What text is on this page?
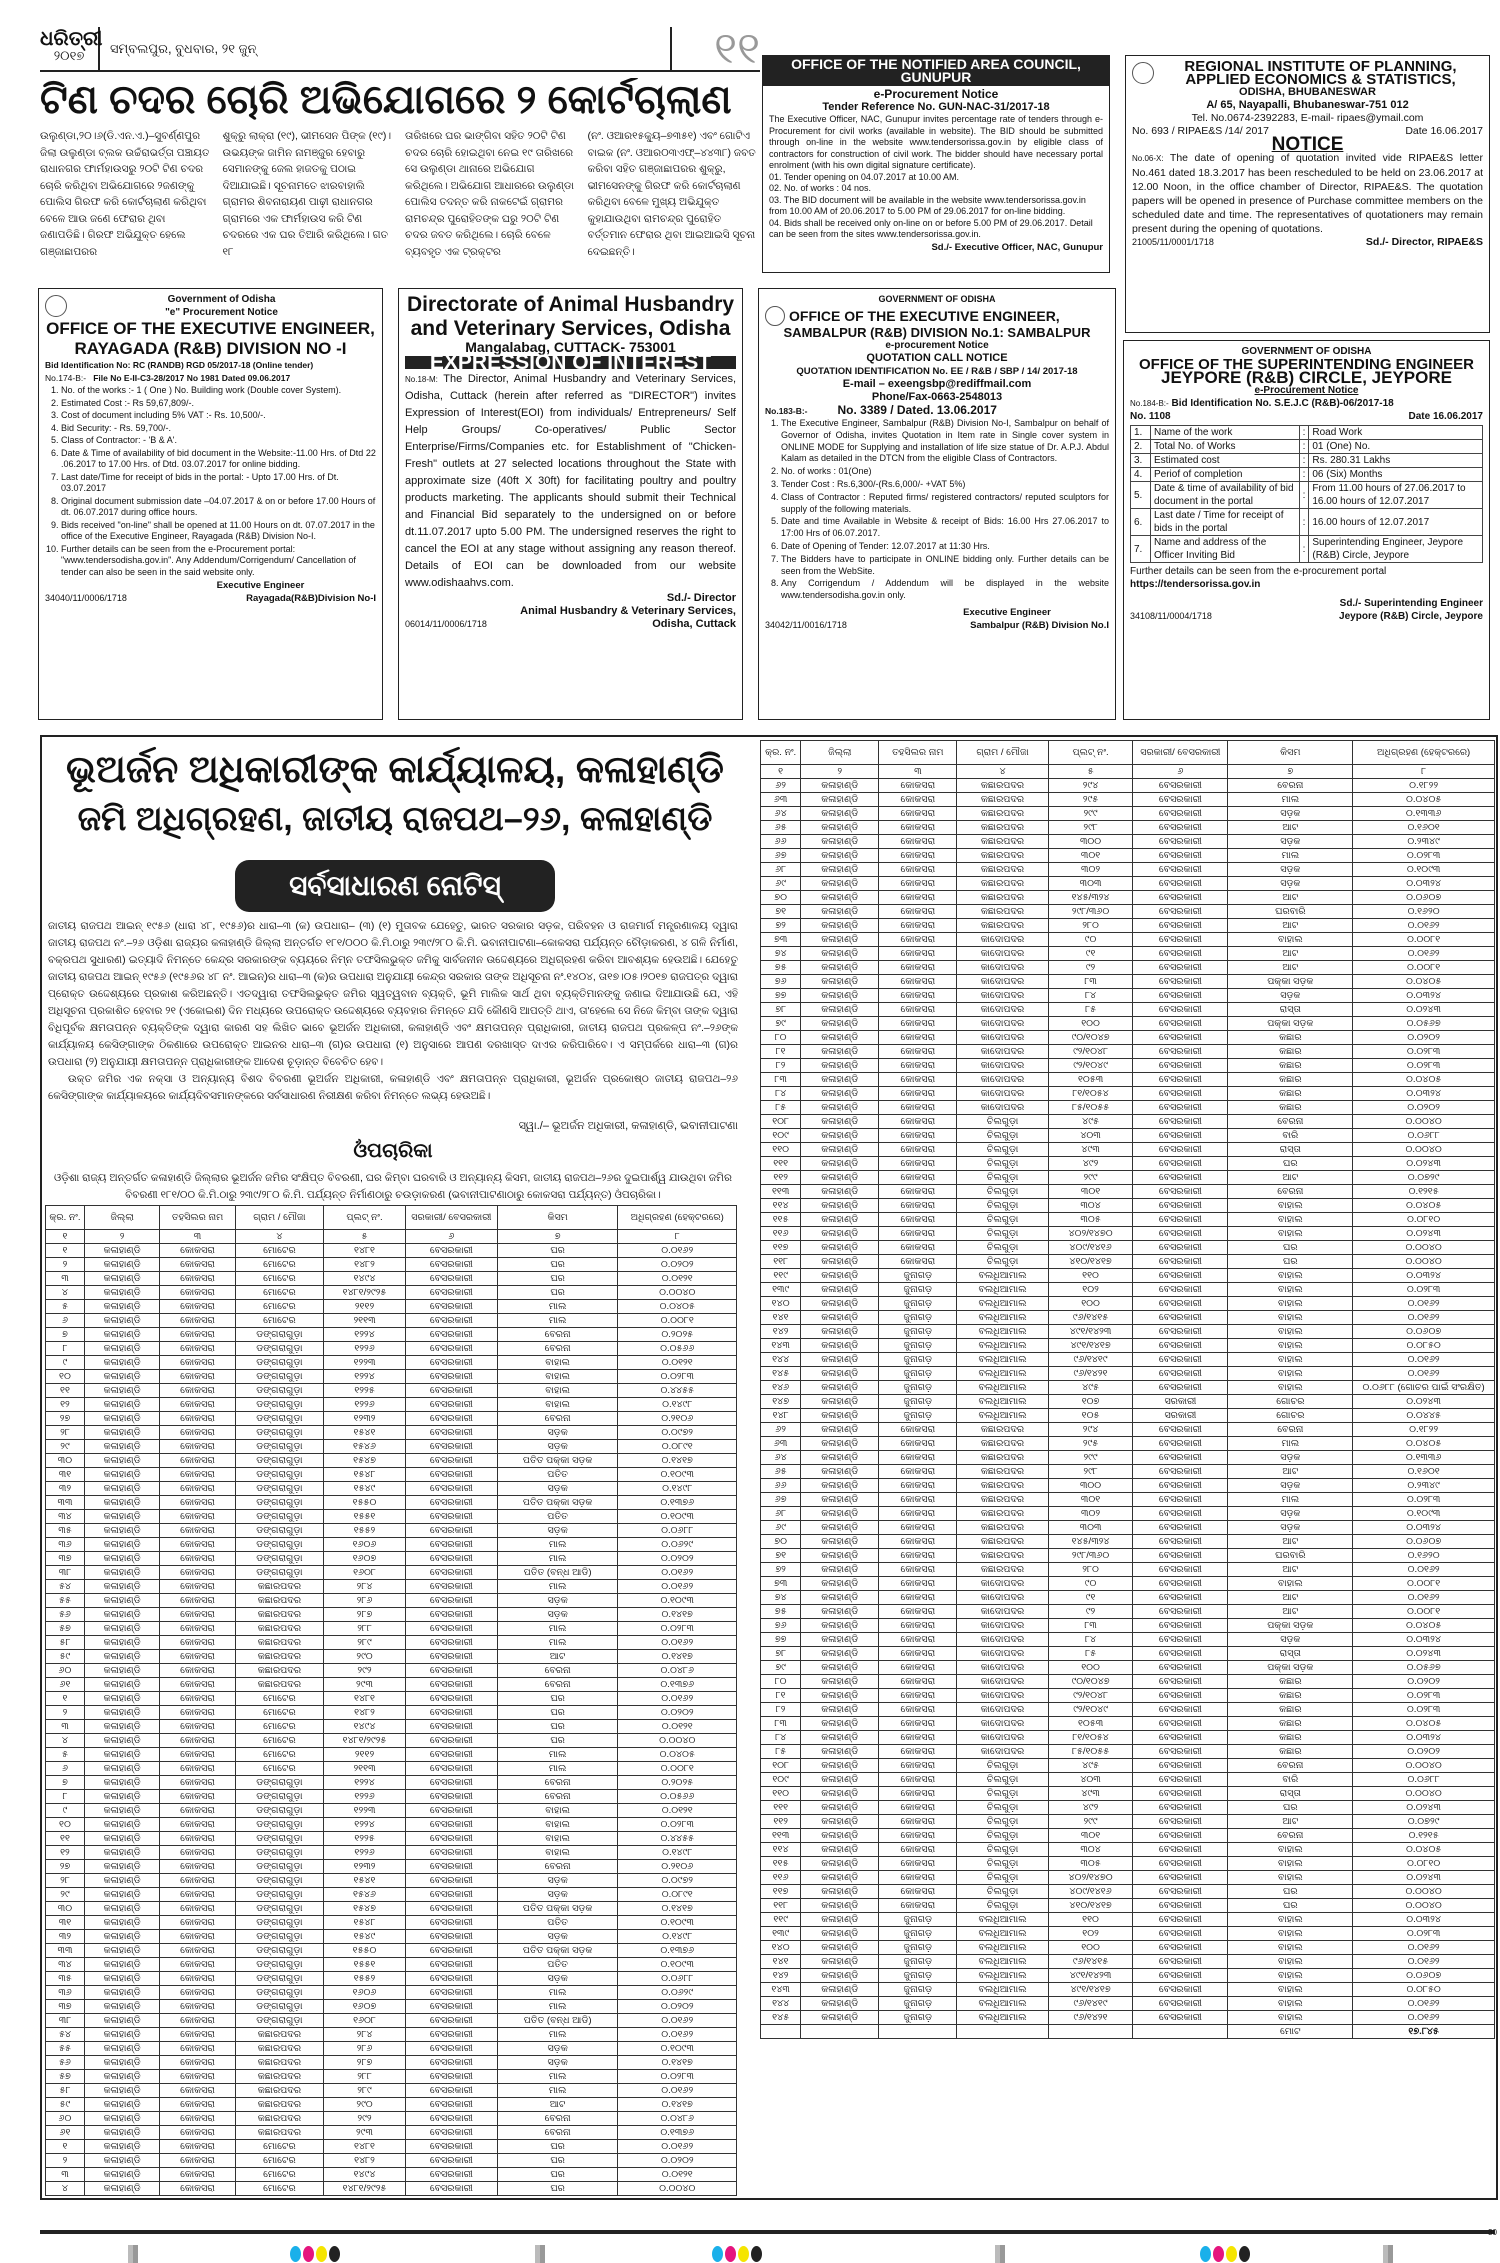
ଧରିତ୍ରୀ
୨୦୧୭	ସମ୍ବଲପୁର, ବୁଧବାର, ୨୧ ଜୁନ୍	୧୧
ଟିଣ ଚଦର ଚୋରି ଅଭିଯୋଗରେ ୨ କୋର୍ଟଚାଲାଣ

ଉଲୁଣ୍ଡା,୨୦।୬(ଡି.ଏନ.ଏ.)–ସୁବର୍ଣ୍ଣପୁର ଜିଲା ଉଲୁଣ୍ଡା ବ୍ଲକ ଉଚ୍ଚଁରାଭର୍ତ୍ତା ପଞ୍ଚାୟତ ରାଧାନଗର ଫାର୍ମହାଉସରୁ ୨୦ଟି ଟିଣ ଚଦର ଚୋରି କରିଥିବା ଅଭିଯୋଗରେ ୨ଜଣଙ୍କୁ ପୋଲିସ ଗିରଫ କରି କୋର୍ଟଚାଲାଣ କରିଥିବା ବେଳେ ଆଉ ଜଣେ ଫେରାର ଥିବା ଜଣାପଡିଛି। ଗିରଫ ଅଭିଯୁକ୍ତ ହେଲେ ଗଞ୍ଜାଛାପରର

ଶୁକ୍ରୁ ଲାକ୍ରା (୧୯), ଭୀମସେନ ପିଙ୍କ (୧୯)। ଉଭୟଙ୍କ ଜାମିନ ନାମଞ୍ଜୁର ହେବାରୁ ସେମାନଙ୍କୁ ଜେଲ ହାଜତକୁ ପଠାଇ ଦିଆଯାଇଛି। ସୂଚନାମତେ ଝାରବାହାଲି ଗ୍ରାମର ଶିବନାରାୟଣ ପାଢ଼ୀ ରାଧାନଗର ଗ୍ରାମରେ ଏକ ଫାର୍ମହାଉସ କରି ଟିଣ ଚଦରରେ ଏକ ଘର ତିଆରି କରିଥିଲେ। ଗତ ୧୮

ତାରିଖରେ ଘର ଭାଙ୍ଗିବା ସହିତ ୨୦ଟି ଟିଣ ଚଦର ଚୋରି ହୋଇଥିବା ନେଇ ୧୯ ତାରିଖରେ ସେ ଉଲୁଣ୍ଡା ଥାନାରେ ଅଭିଯୋଗ କରିଥିଲେ। ଅଭିଯୋଗ ଆଧାରରେ ଉଲୁଣ୍ଡା ପୋଲିସ ତଦନ୍ତ କରି ନାକଟେଇଁ ଗ୍ରାମର ରାମଚନ୍ଦ୍ର ପୁରୋହିତଙ୍କ ଘରୁ ୨୦ଟି ଟିଣ ଚଦର ଜବତ କରିଥିଲେ। ଚୋରି ବେଳେ ବ୍ୟବହୃତ ଏକ ଟ୍ରକ୍ଟର

(ନଂ. ଓଆର୧୫କ୍ୟୁ–୭୩୫୧) ଏବଂ ଗୋଟିଏ ବାଇକ (ନଂ. ଓଆର୦୩ଏଫ୍–୪୪୩୮) ଜବତ କରିବା ସହିତ ଗଞ୍ଜାଛାପରର ଶୁକ୍ରୁ, ଭୀମସେନଙ୍କୁ ଗିରଫ କରି କୋର୍ଟଚାଲାଣ କରିଥିବା ବେଳେ ମୁଖ୍ୟ ଅଭିଯୁକ୍ତ କୁହାଯାଉଥିବା ରାମଚନ୍ଦ୍ର ପୁରୋହିତ ବର୍ତ୍ତମାନ ଫେରାର ଥିବା ଆଇଆଇସି ସୂଚନା ଦେଇଛନ୍ତି।

OFFICE OF THE NOTIFIED AREA COUNCIL, GUNUPUR
e-Procurement Notice
Tender Reference No. GUN-NAC-31/2017-18
The Executive Officer, NAC, Gunupur invites percentage rate of tenders through e-Procurement for civil works (available in website). The BID should be submitted through on-line in the website www.tendersorissa.gov.in by eligible class of contractors for construction of civil work. The bidder should have necessary portal enrolment (with his own digital signature certificate).
01. Tender opening on 04.07.2017 at 10.00 AM.
02. No. of works : 04 nos.
03. The BID document will be available in the website www.tendersorissa.gov.in from 10.00 AM of 20.06.2017 to 5.00 PM of 29.06.2017 for on-line bidding.
04. Bids shall be received only on-line on or before 5.00 PM of 29.06.2017. Detail can be seen from the sites www.tendersorissa.gov.in.
Sd./- Executive Officer, NAC, Gunupur
REGIONAL INSTITUTE OF PLANNING,
APPLIED ECONOMICS & STATISTICS,
ODISHA, BHUBANESWAR
A/ 65, Nayapalli, Bhubaneswar-751 012
Tel. No.0674-2392283, E-mail- ripaes@ymail.com
No. 693 / RIPAE&S /14/ 2017	Date 16.06.2017
NOTICE
No.06-X: The date of opening of quotation invited vide RIPAE&S letter No.461 dated 18.3.2017 has been rescheduled to be held on 23.06.2017 at 12.00 Noon, in the office chamber of Director, RIPAE&S. The quotation papers will be opened in presence of Purchase committee members on the scheduled date and time. The representatives of quotationers may remain present during the opening of quotations.
21005/11/0001/1718	Sd./- Director, RIPAE&S
Government of Odisha
"e" Procurement Notice
OFFICE OF THE EXECUTIVE ENGINEER,
RAYAGADA (R&B) DIVISION NO -I
Bid Identification No: RC (RANDB) RGD 05/2017-18 (Online tender)
No.174-B:- File No E-II-C3-28/2017 No 1981 Dated 09.06.2017
1. No. of the works :- 1 ( One ) No. Building work (Double cover System).
2. Estimated Cost :- Rs 59,67,809/-.
3. Cost of document including 5% VAT :- Rs. 10,500/-.
4. Bid Security: - Rs. 59,700/-.
5. Class of Contractor: - 'B & A'.
6. Date & Time of availability of bid document in the Website:-11.00 Hrs. of Dtd 22 .06.2017 to 17.00 Hrs. of Dtd. 03.07.2017 for online bidding.
7. Last date/Time for receipt of bids in the portal: - Upto 17.00 Hrs. of Dt. 03.07.2017
8. Original document submission date –04.07.2017 & on or before 17.00 Hours of dt. 06.07.2017 during office hours.
9. Bids received "on-line" shall be opened at 11.00 Hours on dt. 07.07.2017 in the office of the Executive Engineer, Rayagada (R&B) Division No-I.
10. Further details can be seen from the e-Procurement portal: "www.tendersodisha.gov.in". Any Addendum/Corrigendum/ Cancellation of tender can also be seen in the said website only.
Executive Engineer
34040/11/0006/1718	Rayagada(R&B)Division No-I
Directorate of Animal Husbandry
and Veterinary Services, Odisha
Mangalabag, CUTTACK- 753001
EXPRESSION OF INTEREST
No.18-M: The Director, Animal Husbandry and Veterinary Services, Odisha, Cuttack (herein after referred as "DIRECTOR") invites Expression of Interest(EOI) from individuals/ Entrepreneurs/ Self Help Groups/ Co-operatives/ Public Sector Enterprise/Firms/Companies etc. for Establishment of "Chicken-Fresh" outlets at 27 selected locations throughout the State with approximate size (40ft X 30ft) for facilitating poultry and poultry products marketing. The applicants should submit their Technical and Financial Bid separately to the undersigned on or before dt.11.07.2017 upto 5.00 PM. The undersigned reserves the right to cancel the EOI at any stage without assigning any reason thereof. Details of EOI can be downloaded from our website www.odishaahvs.com.
Sd./- Director
Animal Husbandry & Veterinary Services,
06014/11/0006/1718	Odisha, Cuttack
GOVERNMENT OF ODISHA
OFFICE OF THE EXECUTIVE ENGINEER,
SAMBALPUR (R&B) DIVISION No.1: SAMBALPUR
e-procurement Notice
QUOTATION CALL NOTICE
QUOTATION IDENTIFICATION No. EE / R&B / SBP / 14/ 2017-18
E-mail – exeengsbp@rediffmail.com
Phone/Fax-0663-2548013
No.183-B:-	No. 3389 / Dated. 13.06.2017
1. The Executive Engineer, Sambalpur (R&B) Division No-I, Sambalpur on behalf of Governor of Odisha, invites Quotation in Item rate in Single cover system in ONLINE MODE for Supplying and installation of life size statue of Dr. A.P.J. Abdul Kalam as detailed in the DTCN from the eligible Class of Contractors.
2. No. of works : 01(One)
3. Tender Cost : Rs.6,300/-(Rs.6,000/- +VAT 5%)
4. Class of Contractor : Reputed firms/ registered contractors/ reputed sculptors for supply of the following materials.
5. Date and time Available in Website & receipt of Bids: 16.00 Hrs 27.06.2017 to 17:00 Hrs of 06.07.2017.
6. Date of Opening of Tender: 12.07.2017 at 11:30 Hrs.
7. The Bidders have to participate in ONLINE bidding only. Further details can be seen from the WebSite.
8. Any Corrigendum / Addendum will be displayed in the website www.tendersodisha.gov.in only.
Executive Engineer
34042/11/0016/1718	Sambalpur (R&B) Division No.I
GOVERNMENT OF ODISHA
OFFICE OF THE SUPERINTENDING ENGINEER
JEYPORE (R&B) CIRCLE, JEYPORE
e-Procurement Notice
No.184-B:- Bid Identification No. S.E.J.C (R&B)-06/2017-18
No. 1108	Date 16.06.2017
1.	Name of the work	:	Road Work
2.	Total No. of Works	:	01 (One) No.
3.	Estimated cost	:	Rs. 280.31 Lakhs
4.	Periof of completion	:	06 (Six) Months
5.	Date & time of availability of bid document in the portal	:	From 11.00 hours of 27.06.2017 to 16.00 hours of 12.07.2017
6.	Last date / Time for receipt of bids in the portal	:	16.00 hours of 12.07.2017
7.	Name and address of the Officer Inviting Bid	:	Superintending Engineer, Jeypore (R&B) Circle, Jeypore
Further details can be seen from the e-procurement portal
https://tendersorissa.gov.in
Sd./- Superintending Engineer
34108/11/0004/1718	Jeypore (R&B) Circle, Jeypore
ଭୂଅର୍ଜନ ଅଧିକାରୀଙ୍କ କାର୍ଯ୍ୟାଳୟ, କଳାହାଣ୍ଡି
ଜମି ଅଧିଗ୍ରହଣ, ଜାତୀୟ ରାଜପଥ–୨୬, କଳାହାଣ୍ଡି
ସର୍ବସାଧାରଣ ନୋଟିସ୍

ଜାତୀୟ ରାଜପଥ ଆଇନ୍ ୧୯୫୬ (ଧାରା ୪୮, ୧୯୫୬)ର ଧାରା–୩ (କ) ଉପଧାରା– (୩) (୧) ମୁତାବକ ଯେହେତୁ, ଭାରତ ସରକାର ସଡ଼କ, ପରିବହନ ଓ ରାଜମାର୍ଗ ମନ୍ତ୍ରଣାଳୟ ଦ୍ୱାରା ଜାତୀୟ ରାଜପଥ ନଂ.–୨୬ ଓଡ଼ିଶା ରାଜ୍ୟର କଳାହାଣ୍ଡି ଜିଲ୍ଲା ଅନ୍ତର୍ଗତ ୧୮୧/୦୦୦ କି.ମି.ଠାରୁ ୨୩୯/୨୮୦ କି.ମି. ଭବାନୀପାଟଣା–କୋକସରା ପର୍ଯ୍ୟନ୍ତ ଚୌଡ଼ାକରଣ, ୪ ଗଳି ନିର୍ମାଣ, ବକ୍ରପଥ ସୁଧାରଣ) ଇତ୍ୟାଦି ନିମନ୍ତେ କେନ୍ଦ୍ର ସରକାରଙ୍କ ବ୍ୟୟରେ ନିମ୍ନ ତଫସିଲଭୁକ୍ତ ଜମିକୁ ସାର୍ବଜନୀନ ଉଦ୍ଦେଶ୍ୟରେ ଅଧିଗ୍ରହଣ କରିବା ଆବଶ୍ୟକ ହେଉଅଛି। ଯେହେତୁ ଜାତୀୟ ରାଜପଥ ଆଇନ୍ ୧୯୫୬ (୧୯୫୬ର ୪୮ ନଂ. ଆଇନ୍)ର ଧାରା–୩ (କ)ର ଉପଧାରା ଅନୁଯାୟୀ କେନ୍ଦ୍ର ସରକାର ତାଙ୍କ ଅଧିସୂଚନା ନଂ.୧୪୦୪, ତା୧୭।୦୫।୨୦୧୭ ରାଜପତ୍ର ଦ୍ୱାରା ପ୍ରୋକ୍ତ ଉଦ୍ଦେଶ୍ୟରେ ପ୍ରକାଶ କରିଅଛନ୍ତି। ଏତଦ୍ୱାରା ତଫସିଲଭୁକ୍ତ ଜମିର ସ୍ୱତ୍ୱବାନ ବ୍ୟକ୍ତି, ଭୂମି ମାଲିକ ସାର୍ଥ ଥିବା ବ୍ୟକ୍ତିମାନଙ୍କୁ ଜଣାଇ ଦିଆଯାଉଛି ଯେ, ଏହି ଅଧିସୂଚନା ପ୍ରକାଶିତ ହେବାର ୨୧ (ଏକୋଇଶ) ଦିନ ମଧ୍ୟରେ ଉପରୋକ୍ତ ଉଦ୍ଦେଶ୍ୟରେ ବ୍ୟବହାର ନିମନ୍ତେ ଯଦି କୌଣସି ଆପତ୍ତି ଥାଏ, ତା'ହେଲେ ସେ ନିଜେ କିମ୍ବା ତାଙ୍କ ଦ୍ୱାରା ବିଧିପୂର୍ବକ କ୍ଷମତାପନ୍ନ ବ୍ୟକ୍ତିଙ୍କ ଦ୍ୱାରା କାରଣ ସହ ଲିଖିତ ଭାବେ ଭୂଅର୍ଜନ ଅଧିକାରୀ, କଳାହାଣ୍ଡି ଏବଂ କ୍ଷମତାପନ୍ନ ପ୍ରାଧିକାରୀ, ଜାତୀୟ ରାଜପଥ ପ୍ରକଳ୍ପ ନଂ.–୨୬ଙ୍କ କାର୍ଯ୍ୟାଳୟ କେସିଙ୍ଗାଙ୍କ ଠିକଣାରେ ଉପରୋକ୍ତ ଆଇନର ଧାରା–୩ (ଗ)ର ଉପଧାରା (୧) ଅନୁସାରେ ଆପଣ ଦରଖାସ୍ତ ଦାଏର କରିପାରିବେ। ଏ ସମ୍ପର୍କରେ ଧାରା–୩ (ଗ)ର ଉପଧାରା (୨) ଅନୁଯାୟୀ କ୍ଷମତାପନ୍ନ ପ୍ରାଧିକାରୀଙ୍କ ଆଦେଶ ଚୂଡ଼ାନ୍ତ ବିବେଚିତ ହେବ।

ଉକ୍ତ ଜମିର ଏକ ନକ୍ସା ଓ ଅନ୍ୟାନ୍ୟ ବିଶଦ ବିବରଣୀ ଭୂଅର୍ଜନ ଅଧିକାରୀ, କଳାହାଣ୍ଡି ଏବଂ କ୍ଷମତାପନ୍ନ ପ୍ରାଧିକାରୀ, ଭୂଅର୍ଜନ ପ୍ରକୋଷ୍ଠ ଜାତୀୟ ରାଜପଥ–୨୬ କେସିଙ୍ଗାଙ୍କ କାର୍ଯ୍ୟାଳୟରେ କାର୍ଯ୍ୟଦିବସମାନଙ୍କରେ ସର୍ବସାଧାରଣ ନିରୀକ୍ଷଣ କରିବା ନିମନ୍ତେ ଲଭ୍ୟ ହେଉଅଛି।

ସ୍ୱା./– ଭୂଅର୍ଜନ ଅଧିକାରୀ, କଳାହାଣ୍ଡି, ଭବାନୀପାଟଣା
ଓଁପଚାରିକା
ଓଡ଼ିଶା ରାଜ୍ୟ ଅନ୍ତର୍ଗତ କଳାହାଣ୍ଡି ଜିଲ୍ଲାର ଭୂଅର୍ଜନ ଜମିର ସଂକ୍ଷିପ୍ତ ବିବରଣୀ, ଘର କିମ୍ବା ଘରବାରି ଓ ଅନ୍ୟାନ୍ୟ କିସମ, ଜାତୀୟ ରାଜପଥ–୨୬ର ଦୁଇପାର୍ଶ୍ୱ ଯାଉଥିବା ଜମିର ବିବରଣୀ ୧୮୧/୦୦ କି.ମି.ଠାରୁ ୨୩୯/୨୮୦ କି.ମି. ପର୍ଯ୍ୟନ୍ତ ନିର୍ମାଣଠାରୁ ଚଉଡ଼ାକରଣ (ଭବାନୀପାଟଣାଠାରୁ କୋକସରା ପର୍ଯ୍ୟନ୍ତ) ଓଁପଚାରିକା।
କ୍ର. ନଂ.	ଜିଲ୍ଲା	ତହସିଲର ନାମ	ଗ୍ରାମ / ମୌଜା	ପ୍ଲଟ୍ ନଂ.	ସରକାରୀ/ ବେସରକାରୀ	କିସମ	ଅଧିଗ୍ରହଣ (ହେକ୍ଟରରେ)
୧	୨	୩	୪	୫	୬	୭	୮
୧	କଳାହାଣ୍ଡି	କୋକସରା	ମୋଟେର	୧୪୮୧	ବେସରକାରୀ	ଘର	୦.୦୧୬୨
୨	କଳାହାଣ୍ଡି	କୋକସରା	ମୋଟେର	୧୪୮୨	ବେସରକାରୀ	ଘର	୦.୦୨୦୨
୩	କଳାହାଣ୍ଡି	କୋକସରା	ମୋଟେର	୧୪୯୪	ବେସରକାରୀ	ଘର	୦.୦୧୨୧
୪	କଳାହାଣ୍ଡି	କୋକସରା	ମୋଟେର	୧୪୮୧/୨୯୨୫	ବେସରକାରୀ	ଘର	୦.୦୦୪୦
୫	କଳାହାଣ୍ଡି	କୋକସରା	ମୋଟେର	୨୧୧୨	ବେସରକାରୀ	ମାଲ	୦.୦୪୦୫
୬	କଳାହାଣ୍ଡି	କୋକସରା	ମୋଟେର	୨୧୧୩	ବେସରକାରୀ	ମାଲ	୦.୦୦୮୧
୭	କଳାହାଣ୍ଡି	କୋକସରା	ଡଙ୍ଗରାଗୁଡ଼ା	୧୨୨୪	ବେସରକାରୀ	ବେରନା	୦.୨୦୨୫
୮	କଳାହାଣ୍ଡି	କୋକସରା	ଡଙ୍ଗରାଗୁଡ଼ା	୧୨୨୬	ବେସରକାରୀ	ବେରନା	୦.୦୫୬୬
୯	କଳାହାଣ୍ଡି	କୋକସରା	ଡଙ୍ଗରାଗୁଡ଼ା	୧୨୨୩	ବେସରକାରୀ	ବାହାଲ	୦.୦୧୨୧
୧୦	କଳାହାଣ୍ଡି	କୋକସରା	ଡଙ୍ଗରାଗୁଡ଼ା	୧୨୨୪	ବେସରକାରୀ	ବାହାଲ	୦.୦୨୮୩
୧୧	କଳାହାଣ୍ଡି	କୋକସରା	ଡଙ୍ଗରାଗୁଡ଼ା	୧୨୨୫	ବେସରକାରୀ	ବାହାଲ	୦.୪୪୫୫
୧୨	କଳାହାଣ୍ଡି	କୋକସରା	ଡଙ୍ଗରାଗୁଡ଼ା	୧୨୨୬	ବେସରକାରୀ	ବାହାଲ	୦.୧୪୯୮
୨୭	କଳାହାଣ୍ଡି	କୋକସରା	ଡଙ୍ଗରାଗୁଡ଼ା	୧୨୩୨	ବେସରକାରୀ	ବେରନା	୦.୨୧୦୬
୨୮	କଳାହାଣ୍ଡି	କୋକସରା	ଡଙ୍ଗରାଗୁଡ଼ା	୧୫୪୧	ବେସରକାରୀ	ସଡ଼କ	୦.୦୯୭୨
୨୯	କଳାହାଣ୍ଡି	କୋକସରା	ଡଙ୍ଗରାଗୁଡ଼ା	୧୫୪୬	ବେସରକାରୀ	ସଡ଼କ	୦.୦୮୯୧
୩୦	କଳାହାଣ୍ଡି	କୋକସରା	ଡଙ୍ଗରାଗୁଡ଼ା	୧୫୪୭	ବେସରକାରୀ	ପତିତ ପକ୍କା ସଡ଼କ	୦.୧୪୧୭
୩୧	କଳାହାଣ୍ଡି	କୋକସରା	ଡଙ୍ଗରାଗୁଡ଼ା	୧୫୪୮	ବେସରକାରୀ	ପତିତ	୦.୧୦୯୩
୩୨	କଳାହାଣ୍ଡି	କୋକସରା	ଡଙ୍ଗରାଗୁଡ଼ା	୧୫୪୯	ବେସରକାରୀ	ସଡ଼କ	୦.୧୪୯୮
୩୩	କଳାହାଣ୍ଡି	କୋକସରା	ଡଙ୍ଗରାଗୁଡ଼ା	୧୫୫୦	ବେସରକାରୀ	ପତିତ ପକ୍କା ସଡ଼କ	୦.୧୩୭୬
୩୪	କଳାହାଣ୍ଡି	କୋକସରା	ଡଙ୍ଗରାଗୁଡ଼ା	୧୫୫୧	ବେସରକାରୀ	ପତିତ	୦.୧୦୯୩
୩୫	କଳାହାଣ୍ଡି	କୋକସରା	ଡଙ୍ଗରାଗୁଡ଼ା	୧୫୫୨	ବେସରକାରୀ	ସଡ଼କ	୦.୦୬୮୮
୩୬	କଳାହାଣ୍ଡି	କୋକସରା	ଡଙ୍ଗରାଗୁଡ଼ା	୧୬୦୬	ବେସରକାରୀ	ମାଲ	୦.୦୬୨୯
୩୭	କଳାହାଣ୍ଡି	କୋକସରା	ଡଙ୍ଗରାଗୁଡ଼ା	୧୬୦୭	ବେସରକାରୀ	ମାଲ	୦.୦୨୦୨
୩୮	କଳାହାଣ୍ଡି	କୋକସରା	ଡଙ୍ଗରାଗୁଡ଼ା	୧୬୦୮	ବେସରକାରୀ	ପତିତ (ବନ୍ଧ ଆଡି)	୦.୦୧୬୨
୫୪	କଳାହାଣ୍ଡି	କୋକସରା	କଛାରପଦର	୨୮୪	ବେସରକାରୀ	ମାଲ	୦.୦୧୬୨
୫୫	କଳାହାଣ୍ଡି	କୋକସରା	କଛାରପଦର	୨୮୬	ବେସରକାରୀ	ସଡ଼କ	୦.୧୦୯୩
୫୬	କଳାହାଣ୍ଡି	କୋକସରା	କଛାରପଦର	୨୮୭	ବେସରକାରୀ	ସଡ଼କ	୦.୧୪୧୭
୫୭	କଳାହାଣ୍ଡି	କୋକସରା	କଛାରପଦର	୨୮୮	ବେସରକାରୀ	ମାଲ	୦.୦୨୮୩
୫୮	କଳାହାଣ୍ଡି	କୋକସରା	କଛାରପଦର	୨୮୯	ବେସରକାରୀ	ମାଲ	୦.୦୧୬୨
୫୯	କଳାହାଣ୍ଡି	କୋକସରା	କଛାରପଦର	୨୯୦	ବେସରକାରୀ	ଆଟ	୦.୧୪୧୭
୬୦	କଳାହାଣ୍ଡି	କୋକସରା	କଛାରପଦର	୨୯୨	ବେସରକାରୀ	ବେରନା	୦.୦୪୮୬
୬୧	କଳାହାଣ୍ଡି	କୋକସରା	କଛାରପଦର	୨୯୩	ବେସରକାରୀ	ବେରନା	୦.୧୩୭୬
୧	କଳାହାଣ୍ଡି	କୋକସରା	ମୋଟେର	୧୪୮୧	ବେସରକାରୀ	ଘର	୦.୦୧୬୨
୨	କଳାହାଣ୍ଡି	କୋକସରା	ମୋଟେର	୧୪୮୨	ବେସରକାରୀ	ଘର	୦.୦୨୦୨
୩	କଳାହାଣ୍ଡି	କୋକସରା	ମୋଟେର	୧୪୯୪	ବେସରକାରୀ	ଘର	୦.୦୧୨୧
୪	କଳାହାଣ୍ଡି	କୋକସରା	ମୋଟେର	୧୪୮୧/୨୯୨୫	ବେସରକାରୀ	ଘର	୦.୦୦୪୦
୫	କଳାହାଣ୍ଡି	କୋକସରା	ମୋଟେର	୨୧୧୨	ବେସରକାରୀ	ମାଲ	୦.୦୪୦୫
୬	କଳାହାଣ୍ଡି	କୋକସରା	ମୋଟେର	୨୧୧୩	ବେସରକାରୀ	ମାଲ	୦.୦୦୮୧
୭	କଳାହାଣ୍ଡି	କୋକସରା	ଡଙ୍ଗରାଗୁଡ଼ା	୧୨୨୪	ବେସରକାରୀ	ବେରନା	୦.୨୦୨୫
୮	କଳାହାଣ୍ଡି	କୋକସରା	ଡଙ୍ଗରାଗୁଡ଼ା	୧୨୨୬	ବେସରକାରୀ	ବେରନା	୦.୦୫୬୬
୯	କଳାହାଣ୍ଡି	କୋକସରା	ଡଙ୍ଗରାଗୁଡ଼ା	୧୨୨୩	ବେସରକାରୀ	ବାହାଲ	୦.୦୧୨୧
୧୦	କଳାହାଣ୍ଡି	କୋକସରା	ଡଙ୍ଗରାଗୁଡ଼ା	୧୨୨୪	ବେସରକାରୀ	ବାହାଲ	୦.୦୨୮୩
୧୧	କଳାହାଣ୍ଡି	କୋକସରା	ଡଙ୍ଗରାଗୁଡ଼ା	୧୨୨୫	ବେସରକାରୀ	ବାହାଲ	୦.୪୪୫୫
୧୨	କଳାହାଣ୍ଡି	କୋକସରା	ଡଙ୍ଗରାଗୁଡ଼ା	୧୨୨୬	ବେସରକାରୀ	ବାହାଲ	୦.୧୪୯୮
୨୭	କଳାହାଣ୍ଡି	କୋକସରା	ଡଙ୍ଗରାଗୁଡ଼ା	୧୨୩୨	ବେସରକାରୀ	ବେରନା	୦.୨୧୦୬
୨୮	କଳାହାଣ୍ଡି	କୋକସରା	ଡଙ୍ଗରାଗୁଡ଼ା	୧୫୪୧	ବେସରକାରୀ	ସଡ଼କ	୦.୦୯୭୨
୨୯	କଳାହାଣ୍ଡି	କୋକସରା	ଡଙ୍ଗରାଗୁଡ଼ା	୧୫୪୬	ବେସରକାରୀ	ସଡ଼କ	୦.୦୮୯୧
୩୦	କଳାହାଣ୍ଡି	କୋକସରା	ଡଙ୍ଗରାଗୁଡ଼ା	୧୫୪୭	ବେସରକାରୀ	ପତିତ ପକ୍କା ସଡ଼କ	୦.୧୪୧୭
୩୧	କଳାହାଣ୍ଡି	କୋକସରା	ଡଙ୍ଗରାଗୁଡ଼ା	୧୫୪୮	ବେସରକାରୀ	ପତିତ	୦.୧୦୯୩
୩୨	କଳାହାଣ୍ଡି	କୋକସରା	ଡଙ୍ଗରାଗୁଡ଼ା	୧୫୪୯	ବେସରକାରୀ	ସଡ଼କ	୦.୧୪୯୮
୩୩	କଳାହାଣ୍ଡି	କୋକସରା	ଡଙ୍ଗରାଗୁଡ଼ା	୧୫୫୦	ବେସରକାରୀ	ପତିତ ପକ୍କା ସଡ଼କ	୦.୧୩୭୬
୩୪	କଳାହାଣ୍ଡି	କୋକସରା	ଡଙ୍ଗରାଗୁଡ଼ା	୧୫୫୧	ବେସରକାରୀ	ପତିତ	୦.୧୦୯୩
୩୫	କଳାହାଣ୍ଡି	କୋକସରା	ଡଙ୍ଗରାଗୁଡ଼ା	୧୫୫୨	ବେସରକାରୀ	ସଡ଼କ	୦.୦୬୮୮
୩୬	କଳାହାଣ୍ଡି	କୋକସରା	ଡଙ୍ଗରାଗୁଡ଼ା	୧୬୦୬	ବେସରକାରୀ	ମାଲ	୦.୦୬୨୯
୩୭	କଳାହାଣ୍ଡି	କୋକସରା	ଡଙ୍ଗରାଗୁଡ଼ା	୧୬୦୭	ବେସରକାରୀ	ମାଲ	୦.୦୨୦୨
୩୮	କଳାହାଣ୍ଡି	କୋକସରା	ଡଙ୍ଗରାଗୁଡ଼ା	୧୬୦୮	ବେସରକାରୀ	ପତିତ (ବନ୍ଧ ଆଡି)	୦.୦୧୬୨
୫୪	କଳାହାଣ୍ଡି	କୋକସରା	କଛାରପଦର	୨୮୪	ବେସରକାରୀ	ମାଲ	୦.୦୧୬୨
୫୫	କଳାହାଣ୍ଡି	କୋକସରା	କଛାରପଦର	୨୮୬	ବେସରକାରୀ	ସଡ଼କ	୦.୧୦୯୩
୫୬	କଳାହାଣ୍ଡି	କୋକସରା	କଛାରପଦର	୨୮୭	ବେସରକାରୀ	ସଡ଼କ	୦.୧୪୧୭
୫୭	କଳାହାଣ୍ଡି	କୋକସରା	କଛାରପଦର	୨୮୮	ବେସରକାରୀ	ମାଲ	୦.୦୨୮୩
୫୮	କଳାହାଣ୍ଡି	କୋକସରା	କଛାରପଦର	୨୮୯	ବେସରକାରୀ	ମାଲ	୦.୦୧୬୨
୫୯	କଳାହାଣ୍ଡି	କୋକସରା	କଛାରପଦର	୨୯୦	ବେସରକାରୀ	ଆଟ	୦.୧୪୧୭
୬୦	କଳାହାଣ୍ଡି	କୋକସରା	କଛାରପଦର	୨୯୨	ବେସରକାରୀ	ବେରନା	୦.୦୪୮୬
୬୧	କଳାହାଣ୍ଡି	କୋକସରା	କଛାରପଦର	୨୯୩	ବେସରକାରୀ	ବେରନା	୦.୧୩୭୬
୧	କଳାହାଣ୍ଡି	କୋକସରା	ମୋଟେର	୧୪୮୧	ବେସରକାରୀ	ଘର	୦.୦୧୬୨
୨	କଳାହାଣ୍ଡି	କୋକସରା	ମୋଟେର	୧୪୮୨	ବେସରକାରୀ	ଘର	୦.୦୨୦୨
୩	କଳାହାଣ୍ଡି	କୋକସରା	ମୋଟେର	୧୪୯୪	ବେସରକାରୀ	ଘର	୦.୦୧୨୧
୪	କଳାହାଣ୍ଡି	କୋକସରା	ମୋଟେର	୧୪୮୧/୨୯୨୫	ବେସରକାରୀ	ଘର	୦.୦୦୪୦
କ୍ର. ନଂ.	ଜିଲ୍ଲା	ତହସିଲର ନାମ	ଗ୍ରାମ / ମୌଜା	ପ୍ଲଟ୍ ନଂ.	ସରକାରୀ/ ବେସରକାରୀ	କିସମ	ଅଧିଗ୍ରହଣ (ହେକ୍ଟରରେ)
୧	୨	୩	୪	୫	୬	୭	୮
୬୨	କଳାହାଣ୍ଡି	କୋକସରା	କଛାରପଦର	୨୯୪	ବେସରକାରୀ	ବେରନା	୦.୧୮୨୨
୬୩	କଳାହାଣ୍ଡି	କୋକସରା	କଛାରପଦର	୨୯୫	ବେସରକାରୀ	ମାଲ	୦.୦୪୦୫
୬୪	କଳାହାଣ୍ଡି	କୋକସରା	କଛାରପଦର	୨୯୯	ବେସରକାରୀ	ସଡ଼କ	୦.୧୩୩୬
୬୫	କଳାହାଣ୍ଡି	କୋକସରା	କଛାରପଦର	୨୯୮	ବେସରକାରୀ	ଆଟ	୦.୧୬୦୧
୬୬	କଳାହାଣ୍ଡି	କୋକସରା	କଛାରପଦର	୩୦୦	ବେସରକାରୀ	ସଡ଼କ	୦.୨୩୪୯
୬୭	କଳାହାଣ୍ଡି	କୋକସରା	କଛାରପଦର	୩୦୧	ବେସରକାରୀ	ମାଲ	୦.୦୨୮୩
୬୮	କଳାହାଣ୍ଡି	କୋକସରା	କଛାରପଦର	୩୦୨	ବେସରକାରୀ	ସଡ଼କ	୦.୧୦୯୩
୬୯	କଳାହାଣ୍ଡି	କୋକସରା	କଛାରପଦର	୩୦୩	ବେସରକାରୀ	ସଡ଼କ	୦.୦୩୨୪
୭୦	କଳାହାଣ୍ଡି	କୋକସରା	କଛାରପଦର	୧୪୫/୩୨୪	ବେସରକାରୀ	ଆଟ	୦.୦୬୦୭
୭୧	କଳାହାଣ୍ଡି	କୋକସରା	କଛାରପଦର	୨୯୮/୩୬୦	ବେସରକାରୀ	ଘରବାରି	୦.୧୬୨୦
୭୨	କଳାହାଣ୍ଡି	କୋକସରା	କଛାରପଦର	୨୮୦	ବେସରକାରୀ	ଆଟ	୦.୦୧୬୨
୭୩	କଳାହାଣ୍ଡି	କୋକସରା	କାଦୋପଦର	୯୦	ବେସରକାରୀ	ବାହାଲ	୦.୦୦୮୧
୭୪	କଳାହାଣ୍ଡି	କୋକସରା	କାଦୋପଦର	୯୧	ବେସରକାରୀ	ଆଟ	୦.୦୧୬୨
୭୫	କଳାହାଣ୍ଡି	କୋକସରା	କାଦୋପଦର	୯୨	ବେସରକାରୀ	ଆଟ	୦.୦୦୮୧
୭୬	କଳାହାଣ୍ଡି	କୋକସରା	କାଦୋପଦର	୮୩	ବେସରକାରୀ	ପକ୍କା ସଡ଼କ	୦.୦୪୦୫
୭୭	କଳାହାଣ୍ଡି	କୋକସରା	କାଦୋପଦର	୮୪	ବେସରକାରୀ	ସଡ଼କ	୦.୦୩୨୪
୭୮	କଳାହାଣ୍ଡି	କୋକସରା	କାଦୋପଦର	୮୫	ବେସରକାରୀ	ରାସ୍ତା	୦.୦୨୪୩
୭୯	କଳାହାଣ୍ଡି	କୋକସରା	କାଦୋପଦର	୧୦୦	ବେସରକାରୀ	ପକ୍କା ସଡ଼କ	୦.୦୫୬୭
୮୦	କଳାହାଣ୍ଡି	କୋକସରା	କାଦୋପଦର	୯୦/୧୦୪୭	ବେସରକାରୀ	କଛାର	୦.୦୨୦୨
୮୧	କଳାହାଣ୍ଡି	କୋକସରା	କାଦୋପଦର	୯୨/୧୦୪୮	ବେସରକାରୀ	କଛାର	୦.୦୨୮୩
୮୨	କଳାହାଣ୍ଡି	କୋକସରା	କାଦୋପଦର	୯୨/୧୦୪୯	ବେସରକାରୀ	କଛାର	୦.୦୨୮୩
୮୩	କଳାହାଣ୍ଡି	କୋକସରା	କାଦୋପଦର	୧୦୫୩	ବେସରକାରୀ	କଛାର	୦.୦୪୦୫
୮୪	କଳାହାଣ୍ଡି	କୋକସରା	କାଦୋପଦର	୮୧/୧୦୫୪	ବେସରକାରୀ	କଛାର	୦.୦୩୨୪
୮୫	କଳାହାଣ୍ଡି	କୋକସରା	କାଦୋପଦର	୮୫/୧୦୫୫	ବେସରକାରୀ	କଛାର	୦.୦୨୦୨
୧୦୮	କଳାହାଣ୍ଡି	କୋକସରା	ଚିଲଗୁଡ଼ା	୪୯୫	ବେସରକାରୀ	ବେରନା	୦.୦୦୪୦
୧୦୯	କଳାହାଣ୍ଡି	କୋକସରା	ଚିଲଗୁଡ଼ା	୪୦୩	ବେସରକାରୀ	ବାରି	୦.୦୬୮୮
୧୧୦	କଳାହାଣ୍ଡି	କୋକସରା	ଚିଲଗୁଡ଼ା	୪୯୩	ବେସରକାରୀ	ରାସ୍ତା	୦.୦୦୪୦
୧୧୧	କଳାହାଣ୍ଡି	କୋକସରା	ଚିଲଗୁଡ଼ା	୪୯୨	ବେସରକାରୀ	ଘର	୦.୦୨୪୩
୧୧୨	କଳାହାଣ୍ଡି	କୋକସରା	ଚିଲଗୁଡ଼ା	୨୯୯	ବେସରକାରୀ	ଆଟ	୦.୦୭୨୯
୧୧୩	କଳାହାଣ୍ଡି	କୋକସରା	ଚିଲଗୁଡ଼ା	୩୦୧	ବେସରକାରୀ	ବେରନା	୦.୧୨୧୫
୧୧୪	କଳାହାଣ୍ଡି	କୋକସରା	ଚିଲଗୁଡ଼ା	୩୦୪	ବେସରକାରୀ	ବାହାଲ	୦.୦୪୦୫
୧୧୫	କଳାହାଣ୍ଡି	କୋକସରା	ଚିଲଗୁଡ଼ା	୩୦୫	ବେସରକାରୀ	ବାହାଲ	୦.୦୮୧୦
୧୧୬	କଳାହାଣ୍ଡି	କୋକସରା	ଚିଲଗୁଡ଼ା	୪୦୨/୧୪୭୦	ବେସରକାରୀ	ବାହାଲ	୦.୦୨୪୩
୧୧୭	କଳାହାଣ୍ଡି	କୋକସରା	ଚିଲଗୁଡ଼ା	୪୦୯/୧୪୧୬	ବେସରକାରୀ	ଘର	୦.୦୦୪୦
୧୧୮	କଳାହାଣ୍ଡି	କୋକସରା	ଚିଲଗୁଡ଼ା	୪୧୦/୧୪୧୭	ବେସରକାରୀ	ଘର	୦.୦୦୪୦
୧୧୯	କଳାହାଣ୍ଡି	ଜୁନାଗଡ଼	ବଲଧିଆମାଲ	୧୧୦	ବେସରକାରୀ	ବାହାଲ	୦.୦୩୨୪
୧୩୯	କଳାହାଣ୍ଡି	ଜୁନାଗଡ଼	ବଲଧିଆମାଲ	୧୦୨	ବେସରକାରୀ	ବାହାଲ	୦.୦୨୮୩
୧୪୦	କଳାହାଣ୍ଡି	ଜୁନାଗଡ଼	ବଲଧିଆମାଲ	୧୦୦	ବେସରକାରୀ	ବାହାଲ	୦.୦୧୬୨
୧୪୧	କଳାହାଣ୍ଡି	ଜୁନାଗଡ଼	ବଲଧିଆମାଲ	୯୬/୧୪୧୫	ବେସରକାରୀ	ବାହାଲ	୦.୦୧୬୨
୧୪୨	କଳାହାଣ୍ଡି	ଜୁନାଗଡ଼	ବଲଧିଆମାଲ	୪୯୧/୧୪୨୩	ବେସରକାରୀ	ବାହାଲ	୦.୦୬୦୭
୧୪୩	କଳାହାଣ୍ଡି	ଜୁନାଗଡ଼	ବଲଧିଆମାଲ	୪୯୧/୧୪୧୭	ବେସରକାରୀ	ବାହାଲ	୦.୦୮୫୦
୧୪୪	କଳାହାଣ୍ଡି	ଜୁନାଗଡ଼	ବଲଧିଆମାଲ	୯୬/୧୪୧୯	ବେସରକାରୀ	ବାହାଲ	୦.୦୧୬୨
୧୪୫	କଳାହାଣ୍ଡି	ଜୁନାଗଡ଼	ବଲଧିଆମାଲ	୯୬/୧୪୨୧	ବେସରକାରୀ	ବାହାଲ	୦.୦୧୬୨
୧୪୬	କଳାହାଣ୍ଡି	ଜୁନାଗଡ଼	ବଲଧିଆମାଲ	୪୯୫	ବେସରକାରୀ	ବାହାଲ	୦.୦୬୮୮ (ଗୋଚର ପାଇଁ ସଂରକ୍ଷିତ)
୧୪୭	କଳାହାଣ୍ଡି	ଜୁନାଗଡ଼	ବଲଧିଆମାଲ	୧୦୭	ସରକାରୀ	ଗୋଚର	୦.୦୨୪୩
୧୪୮	କଳାହାଣ୍ଡି	ଜୁନାଗଡ଼	ବଲଧିଆମାଲ	୧୦୫	ସରକାରୀ	ଗୋଚର	୦.୦୪୪୫
୬୨	କଳାହାଣ୍ଡି	କୋକସରା	କଛାରପଦର	୨୯୪	ବେସରକାରୀ	ବେରନା	୦.୧୮୨୨
୬୩	କଳାହାଣ୍ଡି	କୋକସରା	କଛାରପଦର	୨୯୫	ବେସରକାରୀ	ମାଲ	୦.୦୪୦୫
୬୪	କଳାହାଣ୍ଡି	କୋକସରା	କଛାରପଦର	୨୯୯	ବେସରକାରୀ	ସଡ଼କ	୦.୧୩୩୬
୬୫	କଳାହାଣ୍ଡି	କୋକସରା	କଛାରପଦର	୨୯୮	ବେସରକାରୀ	ଆଟ	୦.୧୬୦୧
୬୬	କଳାହାଣ୍ଡି	କୋକସରା	କଛାରପଦର	୩୦୦	ବେସରକାରୀ	ସଡ଼କ	୦.୨୩୪୯
୬୭	କଳାହାଣ୍ଡି	କୋକସରା	କଛାରପଦର	୩୦୧	ବେସରକାରୀ	ମାଲ	୦.୦୨୮୩
୬୮	କଳାହାଣ୍ଡି	କୋକସରା	କଛାରପଦର	୩୦୨	ବେସରକାରୀ	ସଡ଼କ	୦.୧୦୯୩
୬୯	କଳାହାଣ୍ଡି	କୋକସରା	କଛାରପଦର	୩୦୩	ବେସରକାରୀ	ସଡ଼କ	୦.୦୩୨୪
୭୦	କଳାହାଣ୍ଡି	କୋକସରା	କଛାରପଦର	୧୪୫/୩୨୪	ବେସରକାରୀ	ଆଟ	୦.୦୬୦୭
୭୧	କଳାହାଣ୍ଡି	କୋକସରା	କଛାରପଦର	୨୯୮/୩୬୦	ବେସରକାରୀ	ଘରବାରି	୦.୧୬୨୦
୭୨	କଳାହାଣ୍ଡି	କୋକସରା	କଛାରପଦର	୨୮୦	ବେସରକାରୀ	ଆଟ	୦.୦୧୬୨
୭୩	କଳାହାଣ୍ଡି	କୋକସରା	କାଦୋପଦର	୯୦	ବେସରକାରୀ	ବାହାଲ	୦.୦୦୮୧
୭୪	କଳାହାଣ୍ଡି	କୋକସରା	କାଦୋପଦର	୯୧	ବେସରକାରୀ	ଆଟ	୦.୦୧୬୨
୭୫	କଳାହାଣ୍ଡି	କୋକସରା	କାଦୋପଦର	୯୨	ବେସରକାରୀ	ଆଟ	୦.୦୦୮୧
୭୬	କଳାହାଣ୍ଡି	କୋକସରା	କାଦୋପଦର	୮୩	ବେସରକାରୀ	ପକ୍କା ସଡ଼କ	୦.୦୪୦୫
୭୭	କଳାହାଣ୍ଡି	କୋକସରା	କାଦୋପଦର	୮୪	ବେସରକାରୀ	ସଡ଼କ	୦.୦୩୨୪
୭୮	କଳାହାଣ୍ଡି	କୋକସରା	କାଦୋପଦର	୮୫	ବେସରକାରୀ	ରାସ୍ତା	୦.୦୨୪୩
୭୯	କଳାହାଣ୍ଡି	କୋକସରା	କାଦୋପଦର	୧୦୦	ବେସରକାରୀ	ପକ୍କା ସଡ଼କ	୦.୦୫୬୭
୮୦	କଳାହାଣ୍ଡି	କୋକସରା	କାଦୋପଦର	୯୦/୧୦୪୭	ବେସରକାରୀ	କଛାର	୦.୦୨୦୨
୮୧	କଳାହାଣ୍ଡି	କୋକସରା	କାଦୋପଦର	୯୨/୧୦୪୮	ବେସରକାରୀ	କଛାର	୦.୦୨୮୩
୮୨	କଳାହାଣ୍ଡି	କୋକସରା	କାଦୋପଦର	୯୨/୧୦୪୯	ବେସରକାରୀ	କଛାର	୦.୦୨୮୩
୮୩	କଳାହାଣ୍ଡି	କୋକସରା	କାଦୋପଦର	୧୦୫୩	ବେସରକାରୀ	କଛାର	୦.୦୪୦୫
୮୪	କଳାହାଣ୍ଡି	କୋକସରା	କାଦୋପଦର	୮୧/୧୦୫୪	ବେସରକାରୀ	କଛାର	୦.୦୩୨୪
୮୫	କଳାହାଣ୍ଡି	କୋକସରା	କାଦୋପଦର	୮୫/୧୦୫୫	ବେସରକାରୀ	କଛାର	୦.୦୨୦୨
୧୦୮	କଳାହାଣ୍ଡି	କୋକସରା	ଚିଲଗୁଡ଼ା	୪୯୫	ବେସରକାରୀ	ବେରନା	୦.୦୦୪୦
୧୦୯	କଳାହାଣ୍ଡି	କୋକସରା	ଚିଲଗୁଡ଼ା	୪୦୩	ବେସରକାରୀ	ବାରି	୦.୦୬୮୮
୧୧୦	କଳାହାଣ୍ଡି	କୋକସରା	ଚିଲଗୁଡ଼ା	୪୯୩	ବେସରକାରୀ	ରାସ୍ତା	୦.୦୦୪୦
୧୧୧	କଳାହାଣ୍ଡି	କୋକସରା	ଚିଲଗୁଡ଼ା	୪୯୨	ବେସରକାରୀ	ଘର	୦.୦୨୪୩
୧୧୨	କଳାହାଣ୍ଡି	କୋକସରା	ଚିଲଗୁଡ଼ା	୨୯୯	ବେସରକାରୀ	ଆଟ	୦.୦୭୨୯
୧୧୩	କଳାହାଣ୍ଡି	କୋକସରା	ଚିଲଗୁଡ଼ା	୩୦୧	ବେସରକାରୀ	ବେରନା	୦.୧୨୧୫
୧୧୪	କଳାହାଣ୍ଡି	କୋକସରା	ଚିଲଗୁଡ଼ା	୩୦୪	ବେସରକାରୀ	ବାହାଲ	୦.୦୪୦୫
୧୧୫	କଳାହାଣ୍ଡି	କୋକସରା	ଚିଲଗୁଡ଼ା	୩୦୫	ବେସରକାରୀ	ବାହାଲ	୦.୦୮୧୦
୧୧୬	କଳାହାଣ୍ଡି	କୋକସରା	ଚିଲଗୁଡ଼ା	୪୦୨/୧୪୭୦	ବେସରକାରୀ	ବାହାଲ	୦.୦୨୪୩
୧୧୭	କଳାହାଣ୍ଡି	କୋକସରା	ଚିଲଗୁଡ଼ା	୪୦୯/୧୪୧୬	ବେସରକାରୀ	ଘର	୦.୦୦୪୦
୧୧୮	କଳାହାଣ୍ଡି	କୋକସରା	ଚିଲଗୁଡ଼ା	୪୧୦/୧୪୧୭	ବେସରକାରୀ	ଘର	୦.୦୦୪୦
୧୧୯	କଳାହାଣ୍ଡି	ଜୁନାଗଡ଼	ବଲଧିଆମାଲ	୧୧୦	ବେସରକାରୀ	ବାହାଲ	୦.୦୩୨୪
୧୩୯	କଳାହାଣ୍ଡି	ଜୁନାଗଡ଼	ବଲଧିଆମାଲ	୧୦୨	ବେସରକାରୀ	ବାହାଲ	୦.୦୨୮୩
୧୪୦	କଳାହାଣ୍ଡି	ଜୁନାଗଡ଼	ବଲଧିଆମାଲ	୧୦୦	ବେସରକାରୀ	ବାହାଲ	୦.୦୧୬୨
୧୪୧	କଳାହାଣ୍ଡି	ଜୁନାଗଡ଼	ବଲଧିଆମାଲ	୯୬/୧୪୧୫	ବେସରକାରୀ	ବାହାଲ	୦.୦୧୬୨
୧୪୨	କଳାହାଣ୍ଡି	ଜୁନାଗଡ଼	ବଲଧିଆମାଲ	୪୯୧/୧୪୨୩	ବେସରକାରୀ	ବାହାଲ	୦.୦୬୦୭
୧୪୩	କଳାହାଣ୍ଡି	ଜୁନାଗଡ଼	ବଲଧିଆମାଲ	୪୯୧/୧୪୧୭	ବେସରକାରୀ	ବାହାଲ	୦.୦୮୫୦
୧୪୪	କଳାହାଣ୍ଡି	ଜୁନାଗଡ଼	ବଲଧିଆମାଲ	୯୬/୧୪୧୯	ବେସରକାରୀ	ବାହାଲ	୦.୦୧୬୨
୧୪୫	କଳାହାଣ୍ଡି	ଜୁନାଗଡ଼	ବଲଧିଆମାଲ	୯୬/୧୪୨୧	ବେସରକାରୀ	ବାହାଲ	୦.୦୧୬୨
						ମୋଟ	୧୭.୮୪୫
30
